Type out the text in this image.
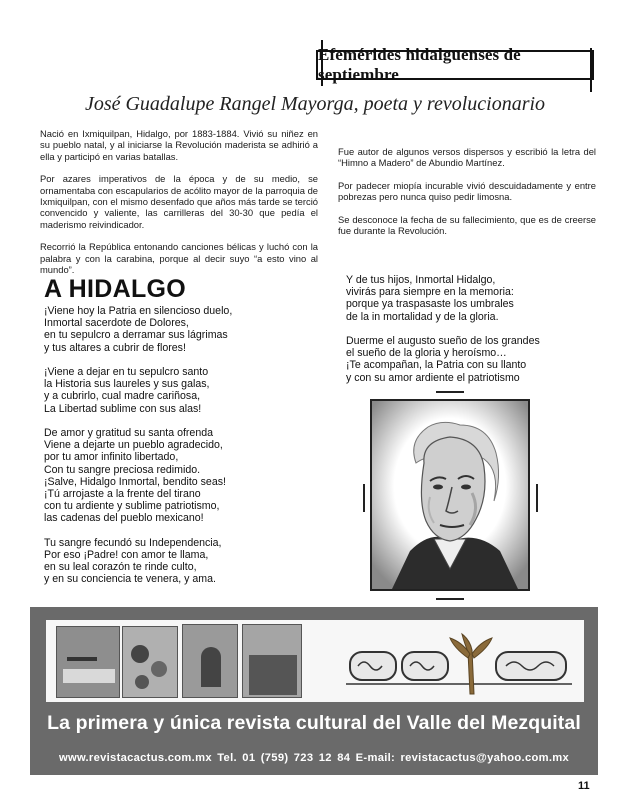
Efemérides hidalguenses de septiembre
José Guadalupe Rangel Mayorga, poeta y revolucionario

Nació en Ixmiquilpan, Hidalgo, por 1883-1884. Vivió su niñez en su pueblo natal, y al iniciarse la Revolución maderista se adhirió a ella y participó en varias batallas.

Por azares imperativos de la época y de su medio, se ornamentaba con escapularios de acólito mayor de la parroquia de Ixmiquilpan, con el mismo desenfado que años más tarde se terció convencido y valiente, las carrilleras del 30-30 que pedía el maderismo reivindicador.

Recorrió la República entonando canciones bélicas y luchó con la palabra y con la carabina, porque al decir suyo “a esto vino al mundo”.

Fue autor de algunos versos dispersos y escribió la letra del “Himno a Madero” de Abundio Martínez.

Por padecer miopía incurable vivió descuidadamente y entre pobrezas pero nunca quiso pedir limosna.

Se desconoce la fecha de su fallecimiento, que es de creerse fue durante la Revolución.

A HIDALGO
¡Viene hoy la Patria en silencioso duelo,
Inmortal sacerdote de Dolores,
en tu sepulcro a derramar sus lágrimas
y tus altares a cubrir de flores!
¡Viene a dejar en tu sepulcro santo
la Historia sus laureles y sus galas,
y a cubrirlo, cual madre cariñosa,
La Libertad sublime con sus alas!
De amor y gratitud su santa ofrenda
Viene a dejarte un pueblo agradecido,
por tu amor infinito libertado,
Con tu sangre preciosa redimido.
¡Salve, Hidalgo Inmortal, bendito seas!
¡Tú arrojaste a la frente del tirano
con tu ardiente y sublime patriotismo,
las cadenas del pueblo mexicano!
Tu sangre fecundó su Independencia,
Por eso ¡Padre! con amor te llama,
en su leal corazón te rinde culto,
y en su conciencia te venera, y ama.
Y de tus hijos, Inmortal Hidalgo,
vivirás para siempre en la memoria:
porque ya traspasaste los umbrales
de la in mortalidad y de la gloria.
Duerme el augusto sueño de los grandes
el sueño de la gloria y heroísmo…
¡Te acompañan, la Patria con su llanto
y con su amor ardiente el patriotismo
La primera y única revista cultural del Valle del Mezquital
www.revistacactus.com.mx Tel. 01 (759) 723 12 84 E-mail: revistacactus@yahoo.com.mx
11
